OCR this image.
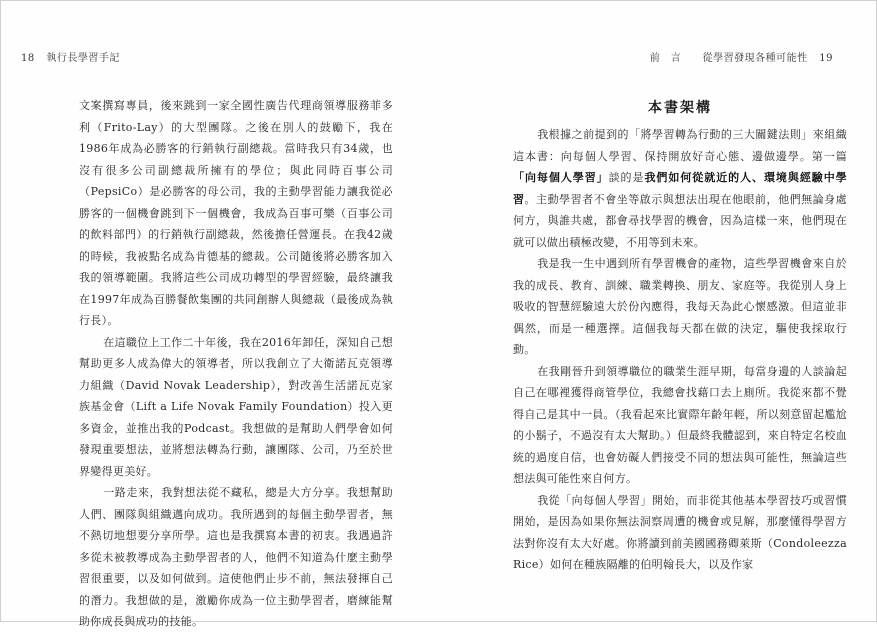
18 執行長學習手記

文案撰寫專員，後來跳到一家全國性廣告代理商領導服務菲多利（Frito-Lay）的大型團隊。之後在別人的鼓勵下，我在1986年成為必勝客的行銷執行副總裁。當時我只有34歲，也沒有很多公司副總裁所擁有的學位；與此同時百事公司（PepsiCo）是必勝客的母公司，我的主動學習能力讓我從必勝客的一個機會跳到下一個機會，我成為百事可樂（百事公司的飲料部門）的行銷執行副總裁，然後擔任營運長。在我42歲的時候，我被點名成為肯德基的總裁。公司隨後將必勝客加入我的領導範圍。我將這些公司成功轉型的學習經驗，最終讓我在1997年成為百勝餐飲集團的共同創辦人與總裁（最後成為執行長）。

在這職位上工作二十年後，我在2016年卸任，深知自己想幫助更多人成為偉大的領導者，所以我創立了大衛諾瓦克領導力組織（David Novak Leadership），對改善生活諾瓦克家族基金會（Lift a Life Novak Family Foundation）投入更多資金，並推出我的Podcast。我想做的是幫助人們學會如何發現重要想法，並將想法轉為行動，讓團隊、公司，乃至於世界變得更美好。

一路走來，我對想法從不藏私，總是大方分享。我想幫助人們、團隊與組織邁向成功。我所遇到的每個主動學習者，無不熱切地想要分享所學。這也是我撰寫本書的初衷。我遇過許多從未被教導成為主動學習者的人，他們不知道為什麼主動學習很重要，以及如何做到。這使他們止步不前，無法發揮自己的潛力。我想做的是，激勵你成為一位主動學習者，磨練能幫助你成長與成功的技能。

前　言 從學習發現各種可能性 19
本書架構

我根據之前提到的「將學習轉為行動的三大關鍵法則」來組織這本書：向每個人學習、保持開放好奇心態、邊做邊學。第一篇「向每個人學習」談的是我們如何從就近的人、環境與經驗中學習。主動學習者不會坐等啟示與想法出現在他眼前，他們無論身處何方，與誰共處，都會尋找學習的機會，因為這樣一來，他們現在就可以做出積極改變，不用等到未來。

我是我一生中遇到所有學習機會的產物，這些學習機會來自於我的成長、教育、訓練、職業轉換、朋友、家庭等。我從別人身上吸收的智慧經驗遠大於份內應得，我每天為此心懷感激。但這並非偶然，而是一種選擇。這個我每天都在做的決定，驅使我採取行動。

在我剛晉升到領導職位的職業生涯早期，每當身邊的人談論起自己在哪裡獲得商管學位，我總會找藉口去上廁所。我從來都不覺得自己是其中一員。（我看起來比實際年齡年輕，所以刻意留起尷尬的小鬍子，不過沒有太大幫助。）但最終我體認到，來自特定名校血統的過度自信，也會妨礙人們接受不同的想法與可能性，無論這些想法與可能性來自何方。

我從「向每個人學習」開始，而非從其他基本學習技巧或習慣開始，是因為如果你無法洞察周遭的機會或見解，那麼懂得學習方法對你沒有太大好處。你將讀到前美國國務卿萊斯（Condoleezza Rice）如何在種族隔離的伯明翰長大，以及作家
